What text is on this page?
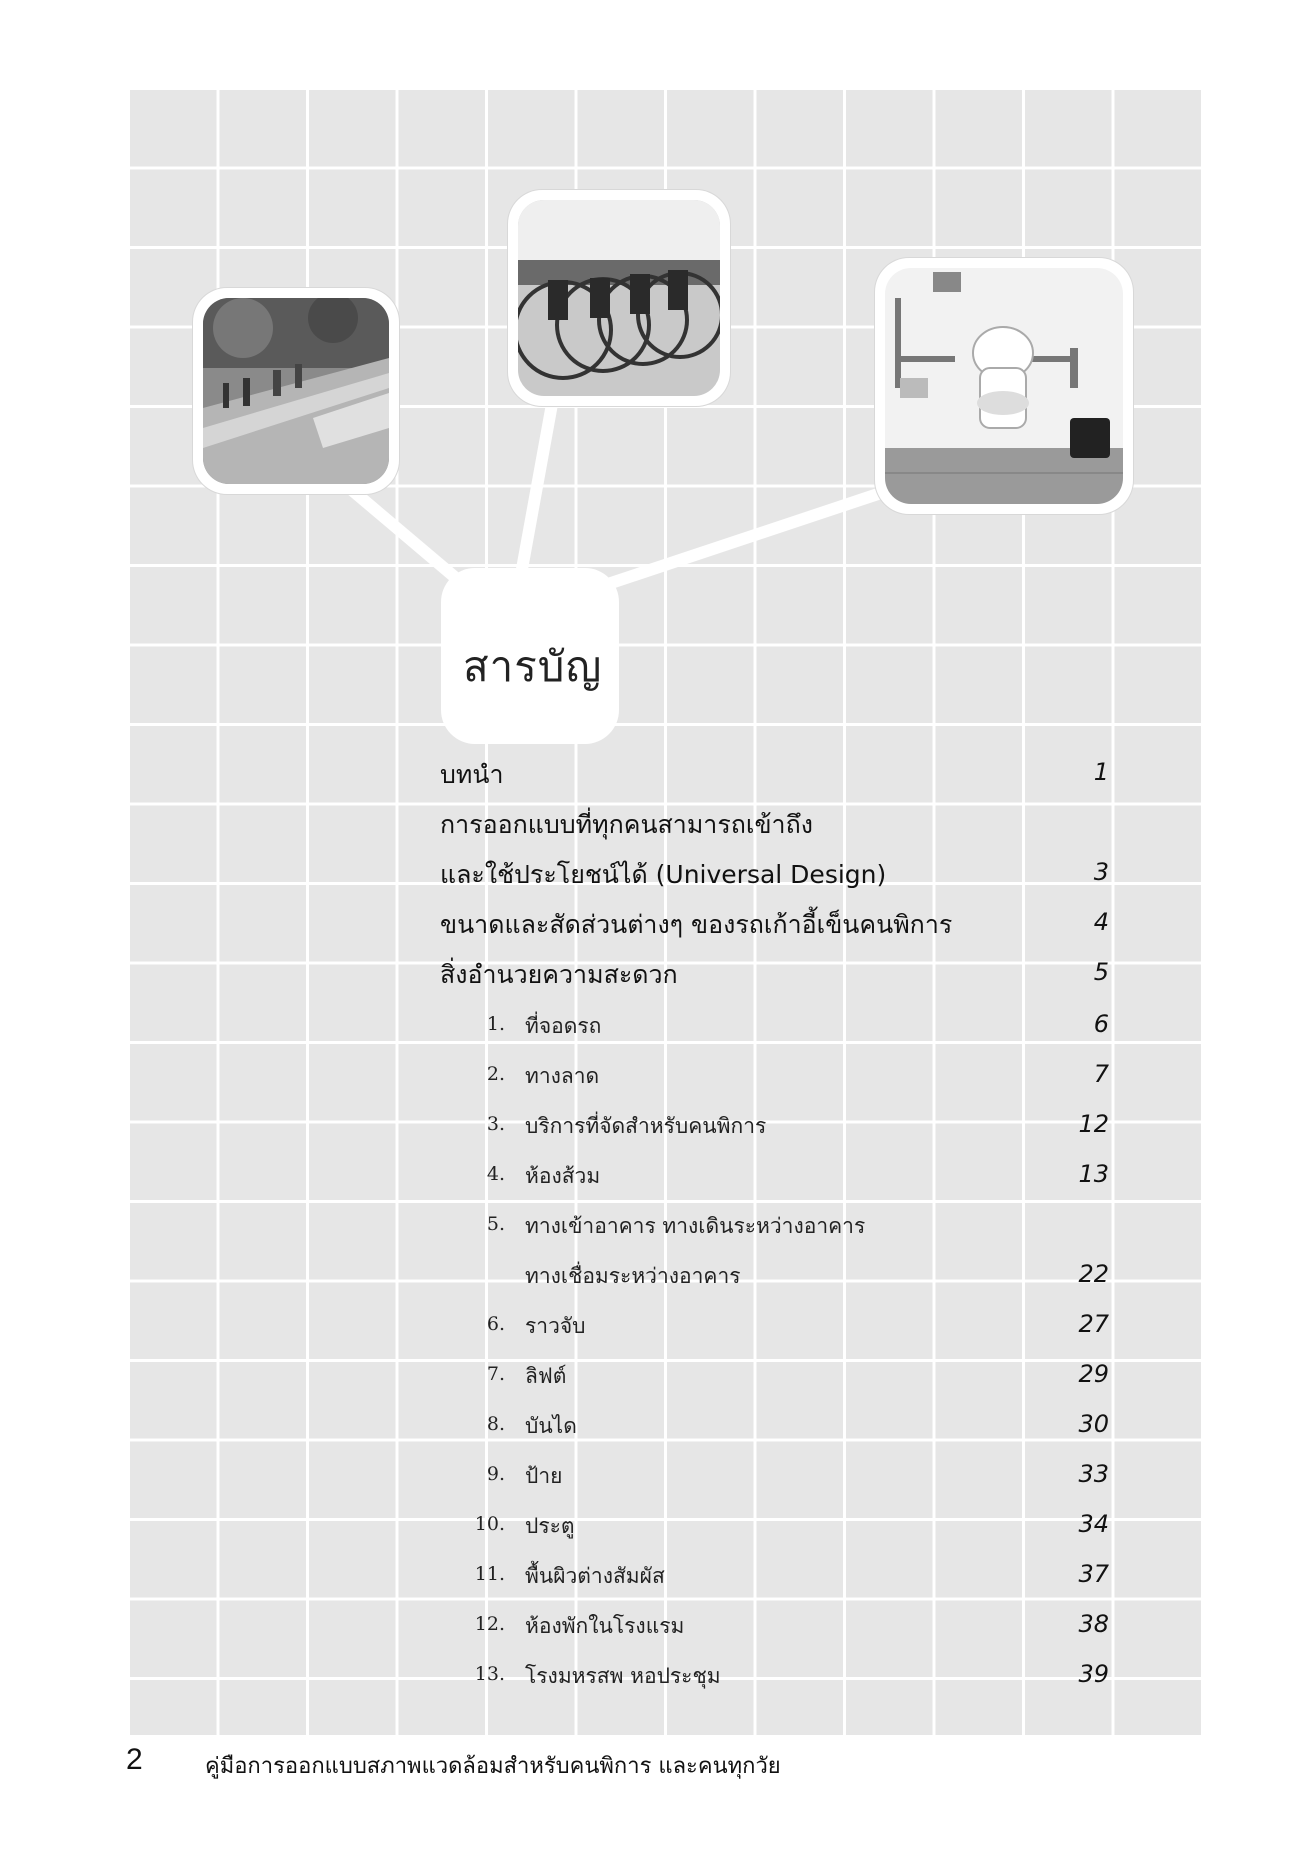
สารบัญ
บทนำ	1
การออกแบบที่ทุกคนสามารถเข้าถึง
และใช้ประโยชน์ได้ (Universal Design)	3
ขนาดและสัดส่วนต่างๆ ของรถเก้าอี้เข็นคนพิการ	4
สิ่งอำนวยความสะดวก	5
1. ที่จอดรถ	6
2. ทางลาด	7
3. บริการที่จัดสำหรับคนพิการ	12
4. ห้องส้วม	13
5. ทางเข้าอาคาร ทางเดินระหว่างอาคาร
ทางเชื่อมระหว่างอาคาร	22
6. ราวจับ	27
7. ลิฟต์	29
8. บันได	30
9. ป้าย	33
10. ประตู	34
11. พื้นผิวต่างสัมผัส	37
12. ห้องพักในโรงแรม	38
13. โรงมหรสพ หอประชุม	39
2	คู่มือการออกแบบสภาพแวดล้อมสำหรับคนพิการ และคนทุกวัย
